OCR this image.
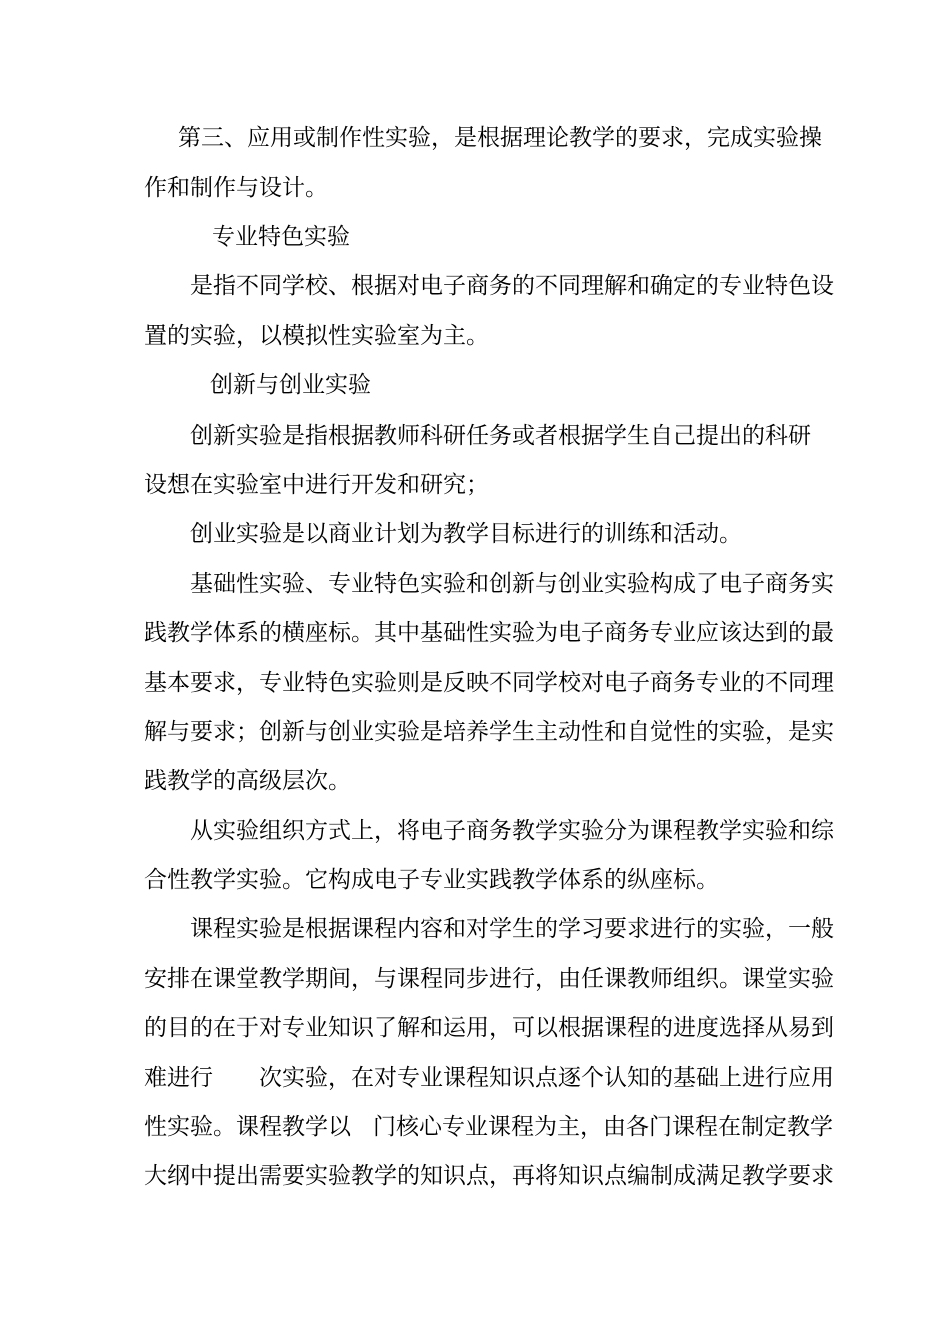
第三、应用或制作性实验，是根据理论教学的要求，完成实验操
作和制作与设计。
专业特色实验
是指不同学校、根据对电子商务的不同理解和确定的专业特色设
置的实验，以模拟性实验室为主。
创新与创业实验
创新实验是指根据教师科研任务或者根据学生自己提出的科研
设想在实验室中进行开发和研究；
创业实验是以商业计划为教学目标进行的训练和活动。
基础性实验、专业特色实验和创新与创业实验构成了电子商务实
践教学体系的横座标。其中基础性实验为电子商务专业应该达到的最
基本要求，专业特色实验则是反映不同学校对电子商务专业的不同理
解与要求；创新与创业实验是培养学生主动性和自觉性的实验，是实
践教学的高级层次。
从实验组织方式上，将电子商务教学实验分为课程教学实验和综
合性教学实验。它构成电子专业实践教学体系的纵座标。
课程实验是根据课程内容和对学生的学习要求进行的实验，一般
安排在课堂教学期间，与课程同步进行，由任课教师组织。课堂实验
的目的在于对专业知识了解和运用，可以根据课程的进度选择从易到
难进行 次实验，在对专业课程知识点逐个认知的基础上进行应用
性实验。课程教学以 门核心专业课程为主，由各门课程在制定教学
大纲中提出需要实验教学的知识点，再将知识点编制成满足教学要求
